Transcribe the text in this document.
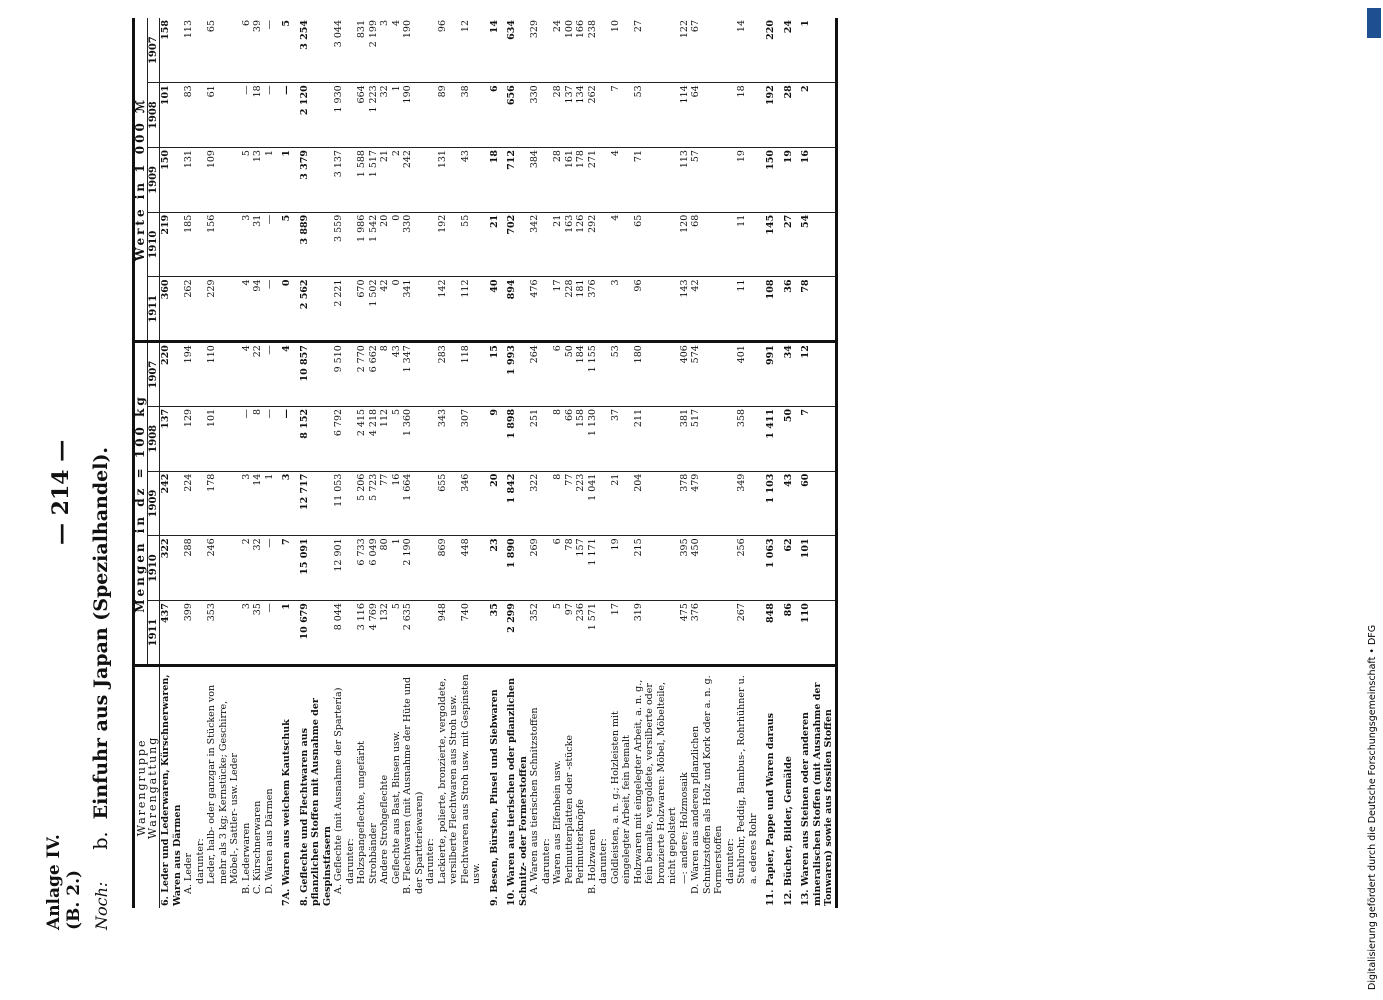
Anlage IV. (B. 2.)
— 214 —
Noch: b. Einfuhr aus Japan (Spezialhandel). Warengruppe
Warengattung	Mengen in dz = 100 kg					Werte in 1 000 ℳ				
	1911	1910	1909	1908	1907	1911	1910	1909	1908	1907
6. Leder und Lederwaren, Kürschnerwaren, Waren aus Därmen	437	322	242	137	220	360	219	150	101	158
A. Leder	399	288	224	129	194	262	185	131	83	113
darunter:										
Leder, halb- oder ganzgar in Stücken von mehr als 3 kg; Kernstücke; Geschirre, Möbel-, Sattler- usw. Leder	353	246	178	101	110	229	156	109	61	65
B. Lederwaren	3	2	3	—	4	4	3	5	—	6
C. Kürschnerwaren	35	32	14	8	22	94	31	13	18	39
D. Waren aus Därmen	—	—	1	—	—	—	—	1	—	—
7A. Waren aus weichem Kautschuk	1	7	3	—	4	0	5	1	—	5
8. Geflechte und Flechtwaren aus pflanzlichen Stoffen mit Ausnahme der Gespinstfasern	10 679	15 091	12 717	8 152	10 857	2 562	3 889	3 379	2 120	3 254
A. Geflechte (mit Ausnahme der Spartería)	8 044	12 901	11 053	6 792	9 510	2 221	3 559	3 137	1 930	3 044
darunter:										
Holzspangeflechte, ungefärbt	3 116	6 733	5 206	2 415	2 770	670	1 986	1 588	664	831
Strohbänder	4 769	6 049	5 723	4 218	6 662	1 502	1 542	1 517	1 223	2 199
Andere Strohgeflechte	132	80	77	112	8	42	20	21	32	3
Geflechte aus Bast, Binsen usw.	5	1	16	5	43	0	0	2	1	4
B. Flechtwaren (mit Ausnahme der Hüte und der Spartteriewaren)	2 635	2 190	1 664	1 360	1 347	341	330	242	190	190
darunter:										
Lackierte, polierte, bronzierte, vergoldete, versilberte Flechtwaren aus Stroh usw.	948	869	655	343	283	142	192	131	89	96
Flechtwaren aus Stroh usw. mit Gespinsten usw.	740	448	346	307	118	112	55	43	38	12
9. Besen, Bürsten, Pinsel und Siebwaren	35	23	20	9	15	40	21	18	6	14
10. Waren aus tierischen oder pflanzlichen Schnitz- oder Formerstoffen	2 299	1 890	1 842	1 898	1 993	894	702	712	656	634
A. Waren aus tierischen Schnitzstoffen	352	269	322	251	264	476	342	384	330	329
darunter:										
Waren aus Elfenbein usw.	5	6	8	8	6	17	21	28	28	24
Perlmutterplatten oder -stücke	97	78	77	66	50	228	163	161	137	100
Perlmutterknöpfe	236	157	223	158	184	181	126	178	134	166
B. Holzwaren	1 571	1 171	1 041	1 130	1 155	376	292	271	262	238
darunter:										
Goldleisten, a. n. g.; Holzleisten mit eingelegter Arbeit, fein bemalt	17	19	21	37	53	3	4	4	7	10
Holzwaren mit eingelegter Arbeit, a. n. g., fein bemalte, vergoldete, versilberte oder bronzierte Holzwaren: Möbel, Möbelteile, nicht gepolstert	319	215	204	211	180	96	65	71	53	27
—: andere; Holzmosaik	475	395	378	381	406	143	120	113	114	122
D. Waren aus anderen pflanzlichen Schnitzstoffen als Holz und Kork oder a. n. g. Formerstoffen	376	450	479	517	574	42	68	57	64	67
darunter:										
Stuhlrohr, Peddig, Bambus-, Rohrhühner u. a. ederes Rohr	267	256	349	358	401	11	11	19	18	14
11. Papier, Pappe und Waren daraus	848	1 063	1 103	1 411	991	108	145	150	192	220
12. Bücher, Bilder, Gemälde	86	62	43	50	34	36	27	19	28	24
13. Waren aus Steinen oder anderen mineralischen Stoffen (mit Ausnahme der Tonwaren) sowie aus fossilen Stoffen	110	101	60	7	12	78	54	16	2	1
Digitalisierung gefördert durch die Deutsche Forschungsgemeinschaft • DFG
